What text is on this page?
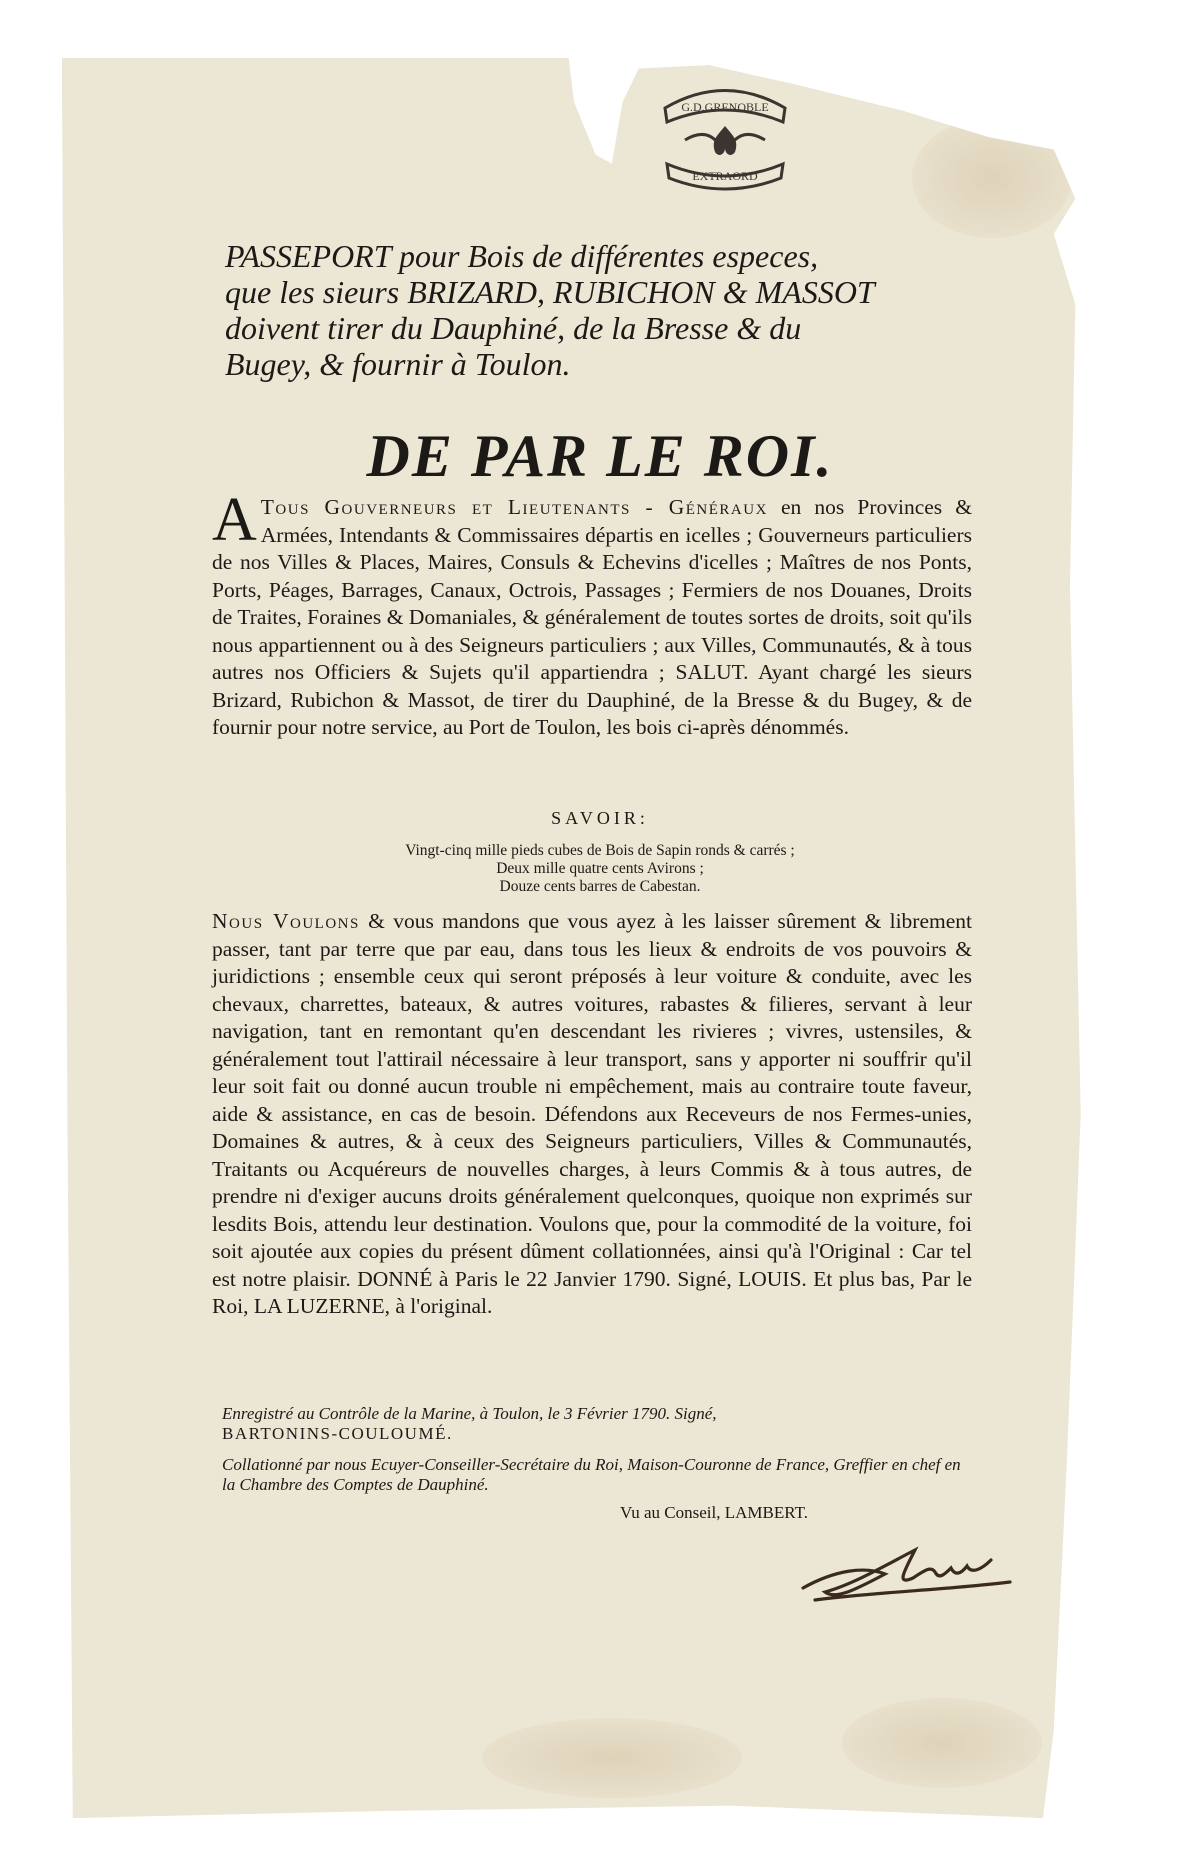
G.D.GRENOBLE
EXTRAORD
PASSEPORT pour Bois de différentes especes,
que les sieurs BRIZARD, RUBICHON & MASSOT
doivent tirer du Dauphiné, de la Bresse & du
Bugey, & fournir à Toulon.
DE PAR LE ROI.
A Tous Gouverneurs et Lieutenants - Généraux en nos Provinces & Armées, Intendants & Commissaires départis en icelles ; Gouverneurs particuliers de nos Villes & Places, Maires, Consuls & Echevins d'icelles ; Maîtres de nos Ponts, Ports, Péages, Barrages, Canaux, Octrois, Passages ; Fermiers de nos Douanes, Droits de Traites, Foraines & Domaniales, & généralement de toutes sortes de droits, soit qu'ils nous appartiennent ou à des Seigneurs particuliers ; aux Villes, Communautés, & à tous autres nos Officiers & Sujets qu'il appartiendra ; SALUT. Ayant chargé les sieurs Brizard, Rubichon & Massot, de tirer du Dauphiné, de la Bresse & du Bugey, & de fournir pour notre service, au Port de Toulon, les bois ci-après dénommés.
SAVOIR:
Vingt-cinq mille pieds cubes de Bois de Sapin ronds & carrés ;
Deux mille quatre cents Avirons ;
Douze cents barres de Cabestan.
Nous Voulons & vous mandons que vous ayez à les laisser sûrement & librement passer, tant par terre que par eau, dans tous les lieux & endroits de vos pouvoirs & juridictions ; ensemble ceux qui seront préposés à leur voiture & conduite, avec les chevaux, charrettes, bateaux, & autres voitures, rabastes & filieres, servant à leur navigation, tant en remontant qu'en descendant les rivieres ; vivres, ustensiles, & généralement tout l'attirail nécessaire à leur transport, sans y apporter ni souffrir qu'il leur soit fait ou donné aucun trouble ni empêchement, mais au contraire toute faveur, aide & assistance, en cas de besoin. Défendons aux Receveurs de nos Fermes-unies, Domaines & autres, & à ceux des Seigneurs particuliers, Villes & Communautés, Traitants ou Acquéreurs de nouvelles charges, à leurs Commis & à tous autres, de prendre ni d'exiger aucuns droits généralement quelconques, quoique non exprimés sur lesdits Bois, attendu leur destination. Voulons que, pour la commodité de la voiture, foi soit ajoutée aux copies du présent dûment collationnées, ainsi qu'à l'Original : Car tel est notre plaisir. DONNÉ à Paris le 22 Janvier 1790. Signé, LOUIS. Et plus bas, Par le Roi, LA LUZERNE, à l'original.
Enregistré au Contrôle de la Marine, à Toulon, le 3 Février 1790. Signé,
BARTONINS-COULOUMÉ.
Collationné par nous Ecuyer-Conseiller-Secrétaire du Roi, Maison-Couronne de France, Greffier en chef en la Chambre des Comptes de Dauphiné.
Vu au Conseil, LAMBERT.
